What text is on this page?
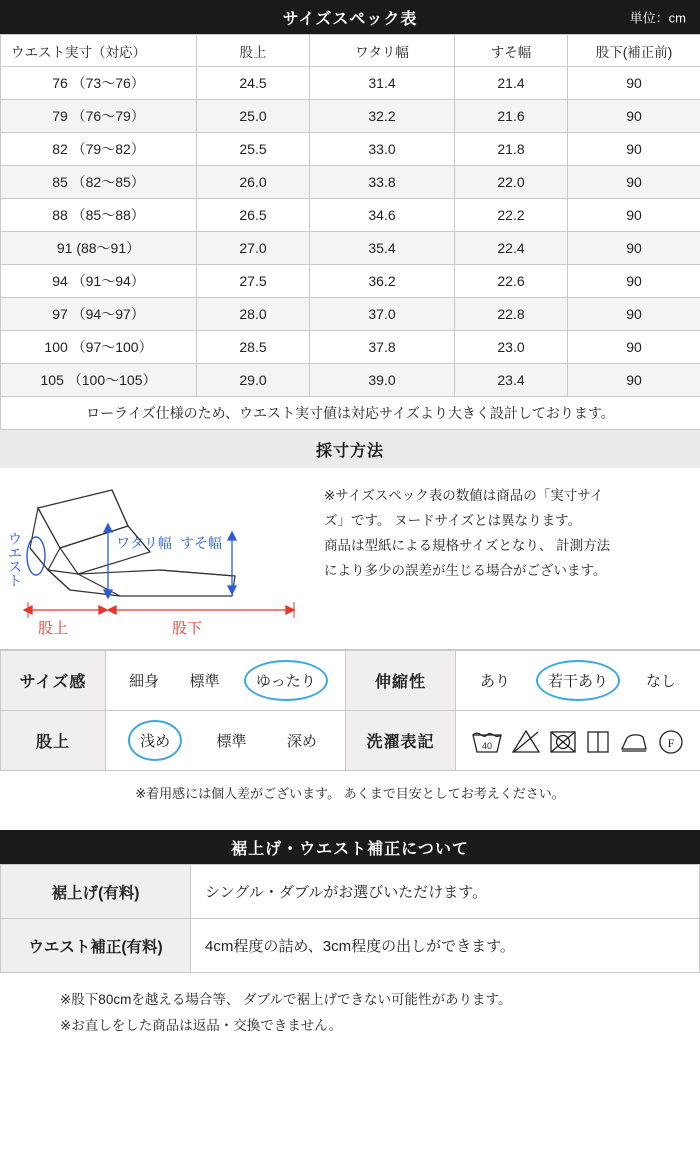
サイズスペック表	単位：cm
ウエスト実寸（対応）	股上	ワタリ幅	すそ幅	股下(補正前)
76 （73〜76）	24.5	31.4	21.4	90
79 （76〜79）	25.0	32.2	21.6	90
82 （79〜82）	25.5	33.0	21.8	90
85 （82〜85）	26.0	33.8	22.0	90
88 （85〜88）	26.5	34.6	22.2	90
91 (88〜91）	27.0	35.4	22.4	90
94 （91〜94）	27.5	36.2	22.6	90
97 （94〜97）	28.0	37.0	22.8	90
100 （97〜100）	28.5	37.8	23.0	90
105 （100〜105）	29.0	39.0	23.4	90
ローライズ仕様のため、ウエスト実寸値は対応サイズより大きく設計しております。				
採寸方法
ウエスト
ワタリ幅 すそ幅
股上	股下
※サイズスペック表の数値は商品の「実寸サイ
ズ」です。 ヌードサイズとは異なります。
商品は型紙による規格サイズとなり、 計測方法
により多少の誤差が生じる場合がございます。
サイズ感	細身 標準 ゆったり	伸縮性	あり 若干あり なし

股上	浅め 標準 深め	洗濯表記	40 F
※着用感には個人差がございます。 あくまで目安としてお考えください。
裾上げ・ウエスト補正について
裾上げ(有料)	シングル・ダブルがお選びいただけます。
ウエスト補正(有料)	4cm程度の詰め、3cm程度の出しができます。
※股下80cmを越える場合等、 ダブルで裾上げできない可能性があります。
※お直しをした商品は返品・交換できません。
